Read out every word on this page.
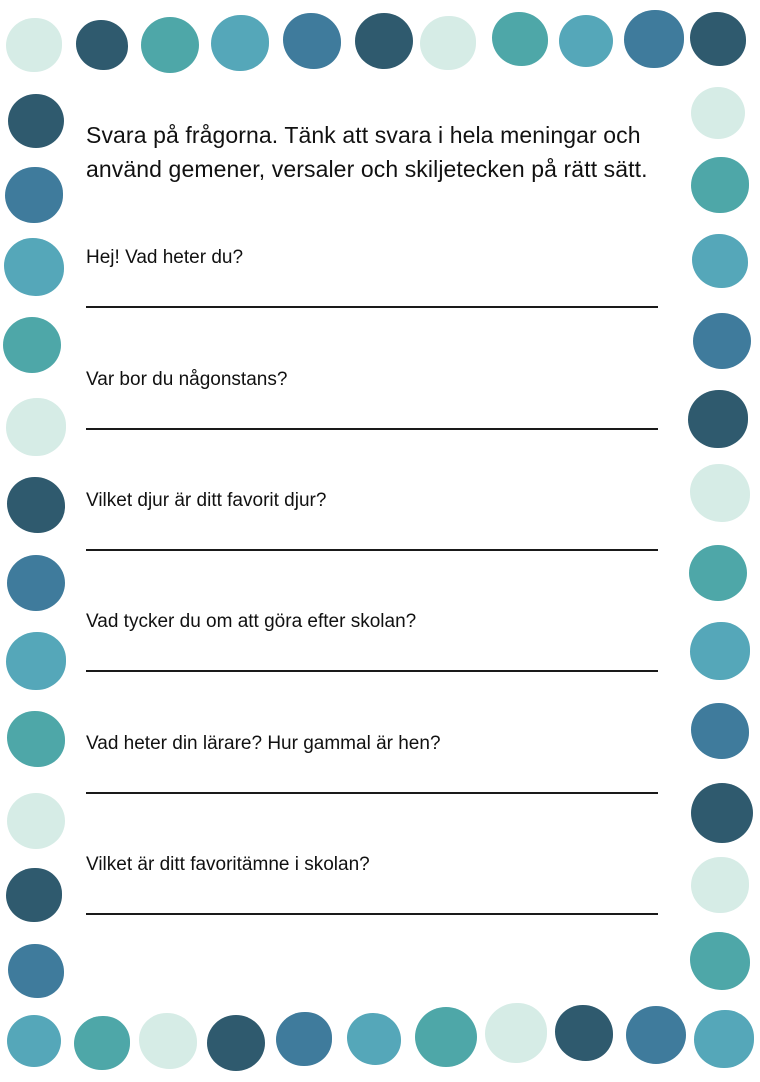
Svara på frågorna. Tänk att svara i hela meningar och använd gemener, versaler och skiljetecken på rätt sätt.

Hej! Vad heter du?

Var bor du någonstans?

Vilket djur är ditt favorit djur?

Vad tycker du om att göra efter skolan?

Vad heter din lärare? Hur gammal är hen?

Vilket är ditt favoritämne i skolan?
